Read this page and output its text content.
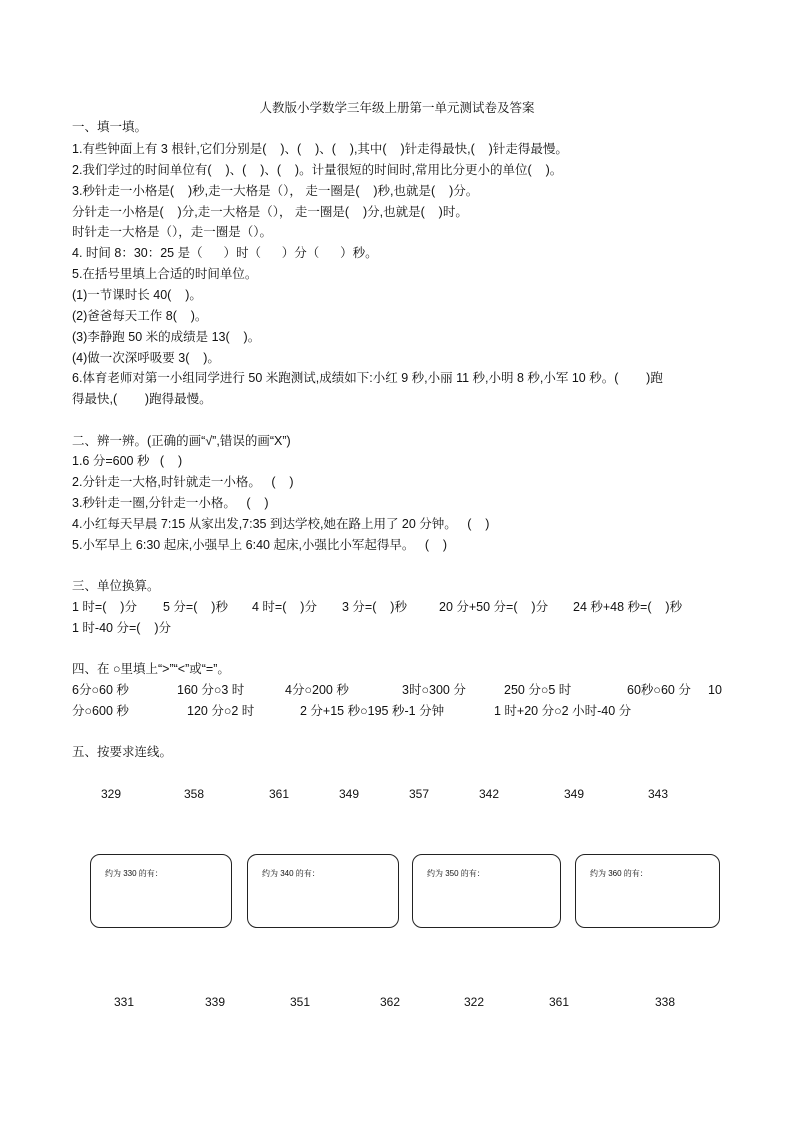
人教版小学数学三年级上册第一单元测试卷及答案
一、填一填。
1.有些钟面上有 3 根针,它们分别是(    )、(    )、(    ),其中(    )针走得最快,(    )针走得最慢。
2.我们学过的时间单位有(    )、(    )、(    )。计量很短的时间时,常用比分更小的单位(    )。
3.秒针走一小格是(    )秒,走一大格是（）， 走一圈是(    )秒,也就是(    )分。
分针走一小格是(    )分,走一大格是（）， 走一圈是(    )分,也就是(    )时。
时针走一大格是（），走一圈是（）。
4. 时间 8：30：25 是（      ）时（      ）分（      ）秒。
5.在括号里填上合适的时间单位。
(1)一节课时长 40(    )。
(2)爸爸每天工作 8(    )。
(3)李静跑 50 米的成绩是 13(    )。
(4)做一次深呼吸要 3(    )。
6.体育老师对第一小组同学进行 50 米跑测试,成绩如下:小红 9 秒,小丽 11 秒,小明 8 秒,小军 10 秒。(        )跑
得最快,(        )跑得最慢。
二、辨一辨。(正确的画“√”,错误的画“X”)
1.6 分=600 秒   (    )
2.分针走一大格,时针就走一小格。   (    )
3.秒针走一圈,分针走一小格。   (    )
4.小红每天早晨 7:15 从家出发,7:35 到达学校,她在路上用了 20 分钟。   (    )
5.小军早上 6:30 起床,小强早上 6:40 起床,小强比小军起得早。   (    )
三、单位换算。
1 时=(    )分 5 分=(    )秒 4 时=(    )分 3 分=(    )秒	20 分+50 分=(    )分 24 秒+48 秒=(    )秒
1 时-40 分=(    )分
四、在 ○里填上“>”“<”或“=”。
6分○60 秒	160 分○3 时	4分○200 秒	3时○300 分	250 分○5 时	60秒○60 分 10
分○600 秒	120 分○2 时	2 分+15 秒○195 秒-1 分钟	1 时+20 分○2 小时-40 分
五、按要求连线。
329	358	361	349	357	342	349	343
约为 330 的有：	约为 340 的有：	约为 350 的有：	约为 360 的有：
331	339	351	362	322	361	338
